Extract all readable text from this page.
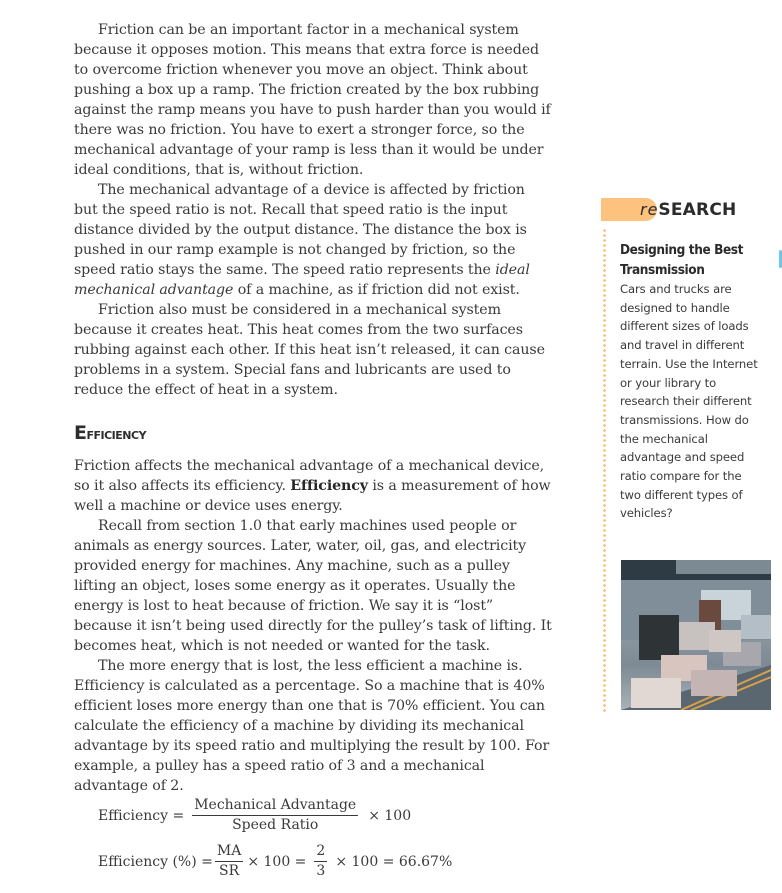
Friction can be an important factor in a mechanical system because it opposes motion. This means that extra force is needed to overcome friction whenever you move an object. Think about pushing a box up a ramp. The friction created by the box rubbing against the ramp means you have to push harder than you would if there was no friction. You have to exert a stronger force, so the mechanical advantage of your ramp is less than it would be under ideal conditions, that is, without friction.

The mechanical advantage of a device is affected by friction but the speed ratio is not. Recall that speed ratio is the input distance divided by the output distance. The distance the box is pushed in our ramp example is not changed by friction, so the speed ratio stays the same. The speed ratio represents the ideal mechanical advantage of a machine, as if friction did not exist.

Friction also must be considered in a mechanical system because it creates heat. This heat comes from the two surfaces rubbing against each other. If this heat isn’t released, it can cause problems in a system. Special fans and lubricants are used to reduce the effect of heat in a system.

Efficiency

Friction affects the mechanical advantage of a mechanical device, so it also affects its efficiency. Efficiency is a measurement of how well a machine or device uses energy.

Recall from section 1.0 that early machines used people or animals as energy sources. Later, water, oil, gas, and electricity provided energy for machines. Any machine, such as a pulley lifting an object, loses some energy as it operates. Usually the energy is lost to heat because of friction. We say it is “lost” because it isn’t being used directly for the pulley’s task of lifting. It becomes heat, which is not needed or wanted for the task.

The more energy that is lost, the less efficient a machine is. Efficiency is calculated as a percentage. So a machine that is 40% efficient loses more energy than one that is 70% efficient. You can calculate the efficiency of a machine by dividing its mechanical advantage by its speed ratio and multiplying the result by 100. For example, a pulley has a speed ratio of 3 and a mechanical advantage of 2.

Efficiency = $\frac{\text{Mechanical Advantage}}{\text{Speed Ratio}} \times 100$
Efficiency (%) = $\frac{MA}{SR} \times 100 = \frac{2}{3} \times 100 = 66.67\%$
reSEARCH
Designing the Best Transmission
Cars and trucks are designed to handle different sizes of loads and travel in different terrain. Use the Internet or your library to research their different transmissions. How do the mechanical advantage and speed ratio compare for the two different types of vehicles?
